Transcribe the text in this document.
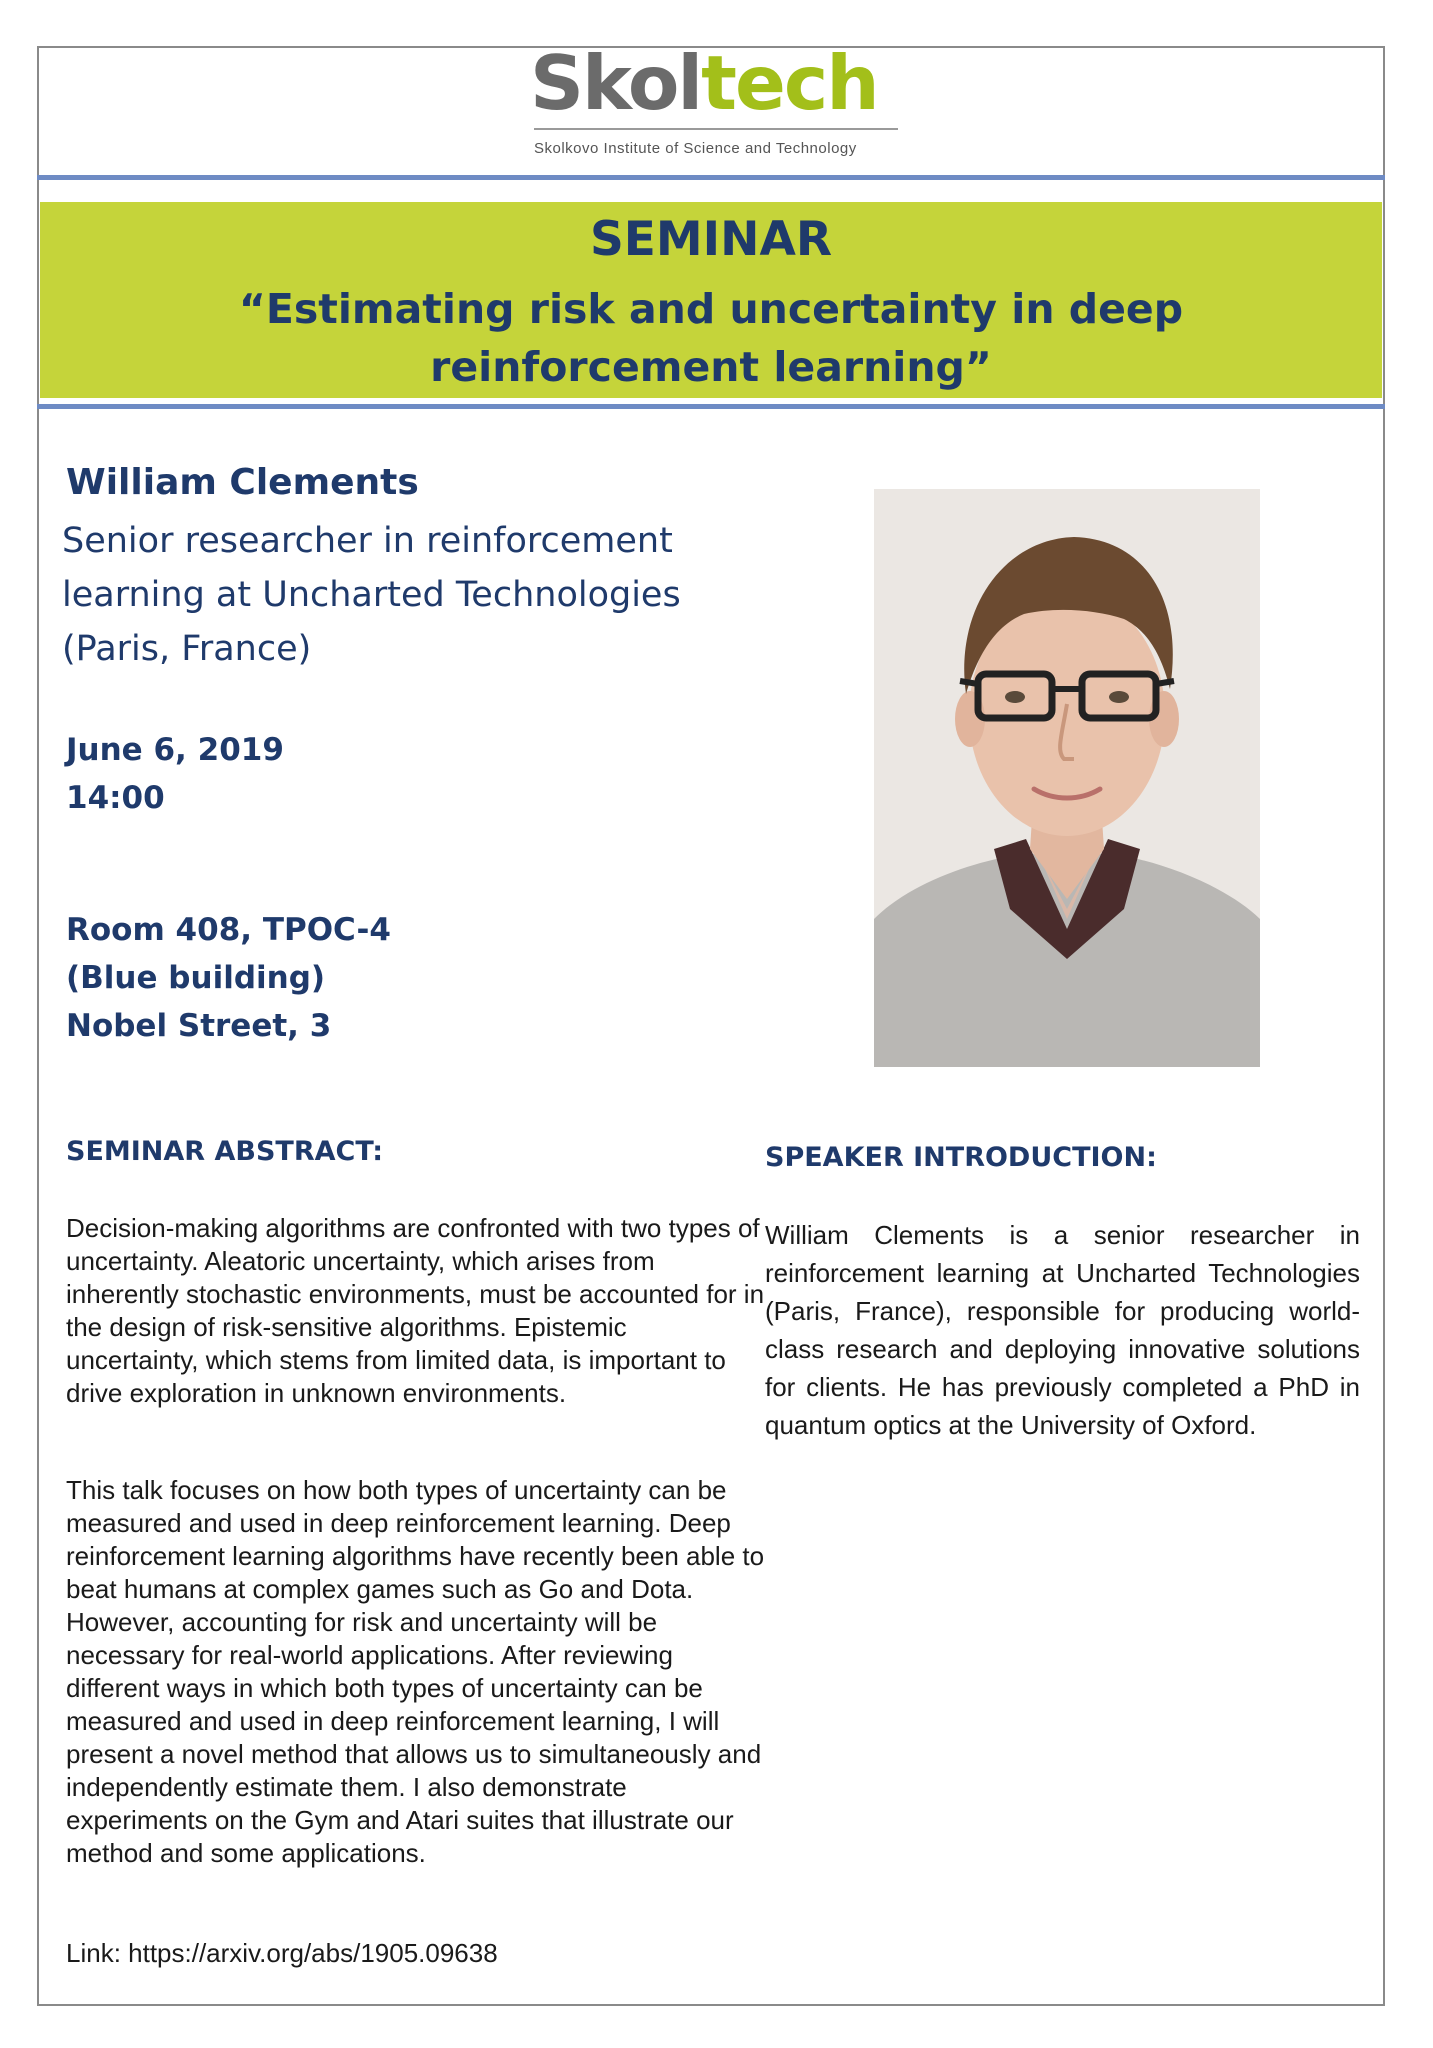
Skoltech
Skolkovo Institute of Science and Technology
SEMINAR
“Estimating risk and uncertainty in deep reinforcement learning”
William Clements
Senior researcher in reinforcement learning at Uncharted Technologies (Paris, France)
June 6, 2019
14:00
Room 408, TPOC-4
(Blue building)
Nobel Street, 3
SEMINAR ABSTRACT:
Decision-making algorithms are confronted with two types of uncertainty. Aleatoric uncertainty, which arises from inherently stochastic environments, must be accounted for in the design of risk-sensitive algorithms. Epistemic uncertainty, which stems from limited data, is important to drive exploration in unknown environments.
This talk focuses on how both types of uncertainty can be measured and used in deep reinforcement learning. Deep reinforcement learning algorithms have recently been able to beat humans at complex games such as Go and Dota. However, accounting for risk and uncertainty will be necessary for real-world applications. After reviewing different ways in which both types of uncertainty can be measured and used in deep reinforcement learning, I will present a novel method that allows us to simultaneously and independently estimate them. I also demonstrate experiments on the Gym and Atari suites that illustrate our method and some applications.
Link: https://arxiv.org/abs/1905.09638
SPEAKER INTRODUCTION:
William Clements is a senior researcher in reinforcement learning at Uncharted Technologies (Paris, France), responsible for producing world-class research and deploying innovative solutions for clients. He has previously completed a PhD in quantum optics at the University of Oxford.
